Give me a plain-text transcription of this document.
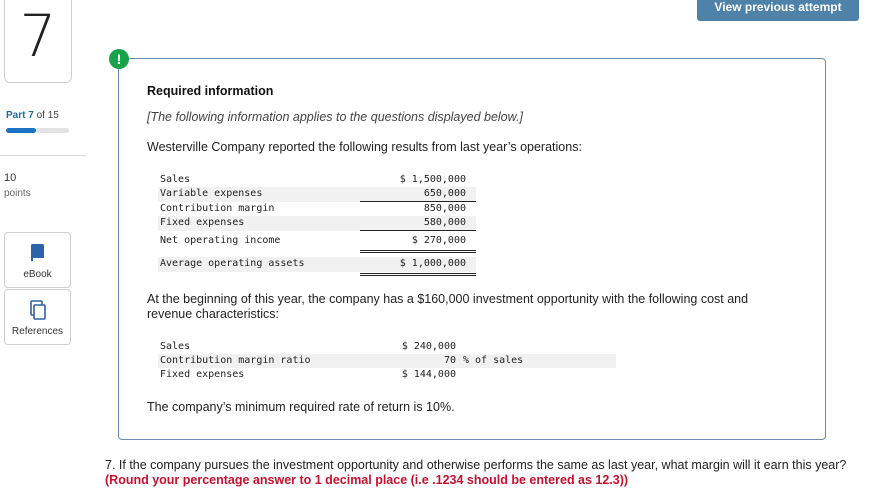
7
Part 7 of 15
10
points
eBook
References
View previous attempt
!
Required information
[The following information applies to the questions displayed below.]
Westerville Company reported the following results from last year’s operations:
Sales	$ 1,500,000
Variable expenses	650,000
Contribution margin	850,000
Fixed expenses	580,000
Net operating income	$ 270,000
Average operating assets	$ 1,000,000
At the beginning of this year, the company has a $160,000 investment opportunity with the following cost and revenue characteristics:
Sales	$ 240,000
Contribution margin ratio	70 % of sales
Fixed expenses	$ 144,000
The company’s minimum required rate of return is 10%.
7. If the company pursues the investment opportunity and otherwise performs the same as last year, what margin will it earn this year? (Round your percentage answer to 1 decimal place (i.e .1234 should be entered as 12.3))
